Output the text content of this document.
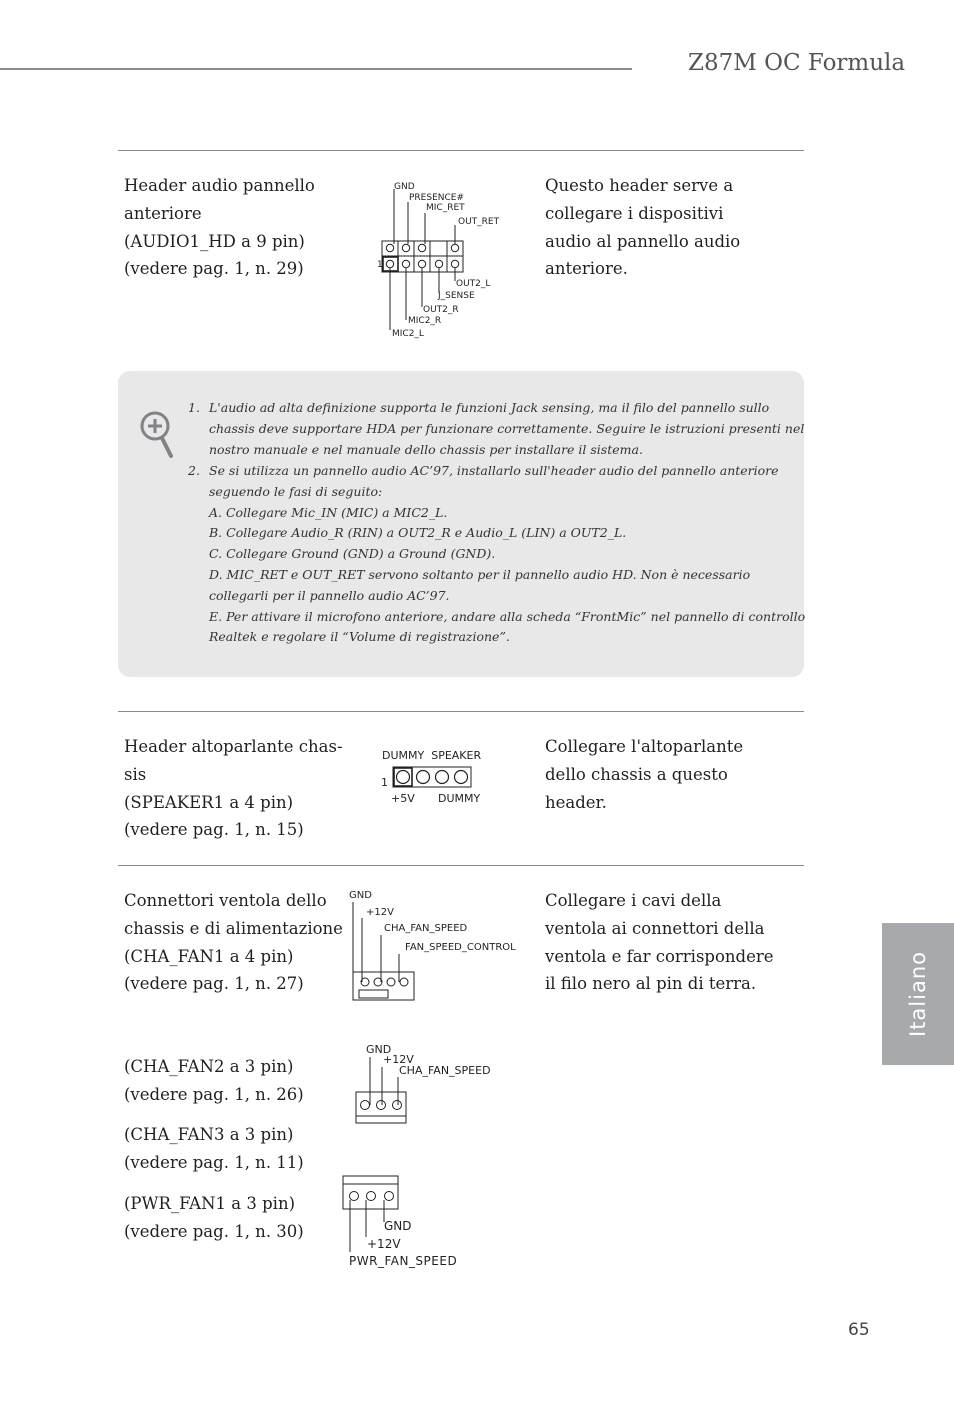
Z87M OC Formula
Header audio pannello
anteriore
(AUDIO1_HD a 9 pin)
(vedere pag. 1, n. 29)
Questo header serve a
collegare i dispositivi
audio al pannello audio
anteriore.
1
GND
PRESENCE#
MIC_RET
OUT_RET
OUT2_L
J_SENSE
OUT2_R
MIC2_R
MIC2_L
1. L'audio ad alta definizione supporta le funzioni Jack sensing, ma il filo del pannello sullo
chassis deve supportare HDA per funzionare correttamente. Seguire le istruzioni presenti nel
nostro manuale e nel manuale dello chassis per installare il sistema.
2. Se si utilizza un pannello audio AC’97, installarlo sull'header audio del pannello anteriore
seguendo le fasi di seguito:
A. Collegare Mic_IN (MIC) a MIC2_L.
B. Collegare Audio_R (RIN) a OUT2_R e Audio_L (LIN) a OUT2_L.
C. Collegare Ground (GND) a Ground (GND).
D. MIC_RET e OUT_RET servono soltanto per il pannello audio HD. Non è necessario
collegarli per il pannello audio AC’97.
E. Per attivare il microfono anteriore, andare alla scheda “FrontMic” nel pannello di controllo
Realtek e regolare il “Volume di registrazione”.
Header altoparlante chas-
sis
(SPEAKER1 a 4 pin)
(vedere pag. 1, n. 15)
Collegare l'altoparlante
dello chassis a questo
header.
DUMMY  SPEAKER
1
+5V DUMMY
Connettori ventola dello
chassis e di alimentazione
(CHA_FAN1 a 4 pin)
(vedere pag. 1, n. 27)
Collegare i cavi della
ventola ai connettori della
ventola e far corrispondere
il filo nero al pin di terra.
GND
+12V
CHA_FAN_SPEED
FAN_SPEED_CONTROL
(CHA_FAN2 a 3 pin)
(vedere pag. 1, n. 26)
GND
+12V
CHA_FAN_SPEED
(CHA_FAN3 a 3 pin)
(vedere pag. 1, n. 11)
(PWR_FAN1 a 3 pin)
(vedere pag. 1, n. 30)	GND
+12V
PWR_FAN_SPEED
Italiano
65
